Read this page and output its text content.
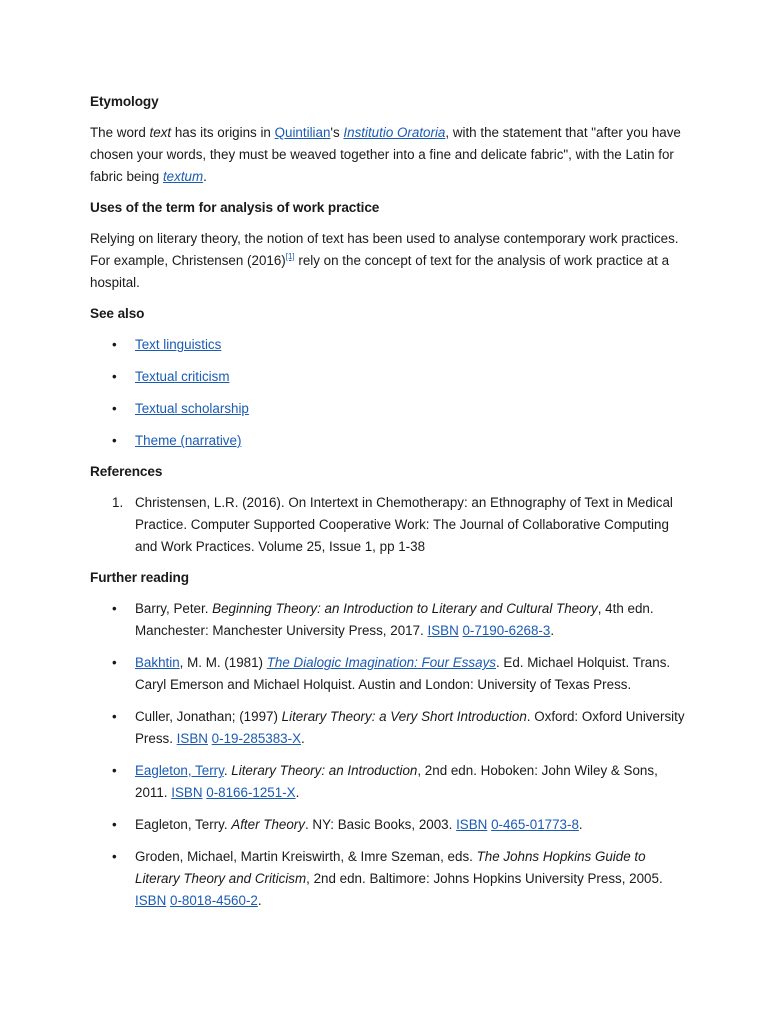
Etymology

The word text has its origins in Quintilian's Institutio Oratoria, with the statement that "after you have chosen your words, they must be weaved together into a fine and delicate fabric", with the Latin for fabric being textum.

Uses of the term for analysis of work practice

Relying on literary theory, the notion of text has been used to analyse contemporary work practices. For example, Christensen (2016)[1] rely on the concept of text for the analysis of work practice at a hospital.

See also
• Text linguistics
• Textual criticism
• Textual scholarship
• Theme (narrative)
References
1. Christensen, L.R. (2016). On Intertext in Chemotherapy: an Ethnography of Text in Medical Practice. Computer Supported Cooperative Work: The Journal of Collaborative Computing and Work Practices. Volume 25, Issue 1, pp 1-38
Further reading
• Barry, Peter. Beginning Theory: an Introduction to Literary and Cultural Theory, 4th edn. Manchester: Manchester University Press, 2017. ISBN 0-7190-6268-3.
• Bakhtin, M. M. (1981) The Dialogic Imagination: Four Essays. Ed. Michael Holquist. Trans. Caryl Emerson and Michael Holquist. Austin and London: University of Texas Press.
• Culler, Jonathan; (1997) Literary Theory: a Very Short Introduction. Oxford: Oxford University Press. ISBN 0-19-285383-X.
• Eagleton, Terry. Literary Theory: an Introduction, 2nd edn. Hoboken: John Wiley & Sons, 2011. ISBN 0-8166-1251-X.
• Eagleton, Terry. After Theory. NY: Basic Books, 2003. ISBN 0-465-01773-8.
• Groden, Michael, Martin Kreiswirth, & Imre Szeman, eds. The Johns Hopkins Guide to Literary Theory and Criticism, 2nd edn. Baltimore: Johns Hopkins University Press, 2005. ISBN 0-8018-4560-2.
